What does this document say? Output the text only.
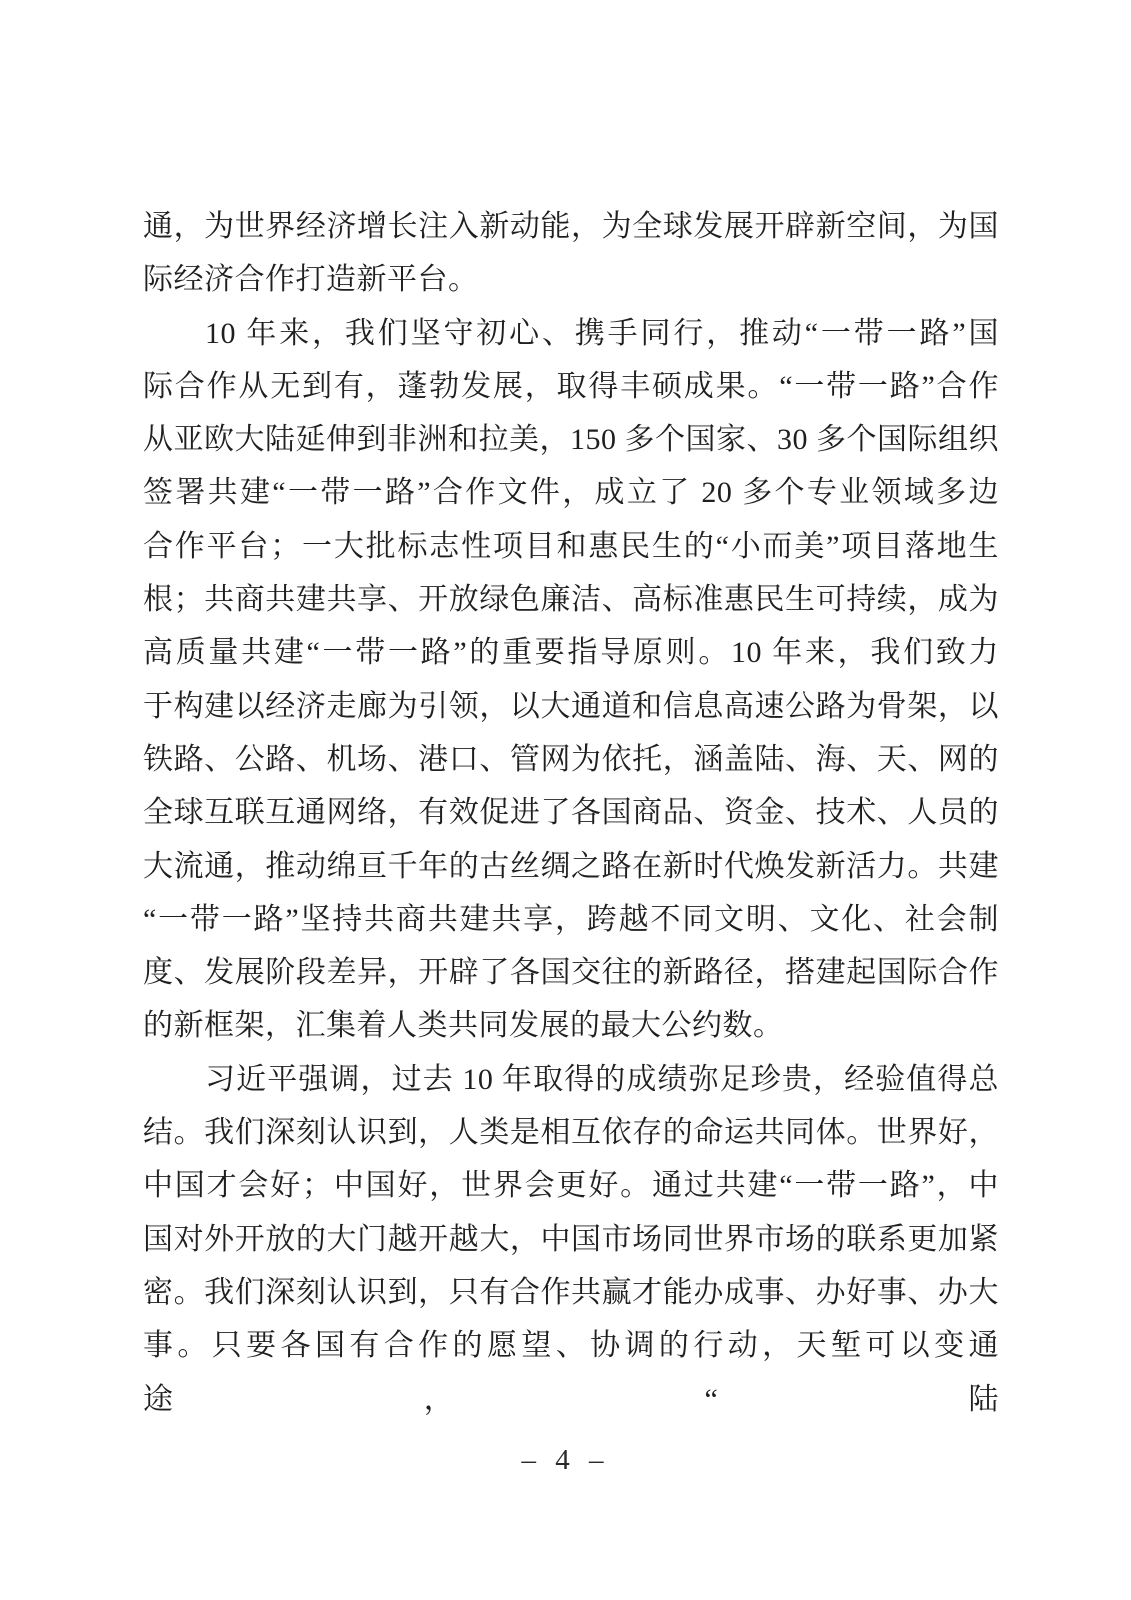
通，为世界经济增长注入新动能，为全球发展开辟新空间，为国
际经济合作打造新平台。
10 年来，我们坚守初心、携手同行，推动“一带一路”国
际合作从无到有，蓬勃发展，取得丰硕成果。“一带一路”合作
从亚欧大陆延伸到非洲和拉美，150 多个国家、30 多个国际组织
签署共建“一带一路”合作文件，成立了 20 多个专业领域多边
合作平台；一大批标志性项目和惠民生的“小而美”项目落地生
根；共商共建共享、开放绿色廉洁、高标准惠民生可持续，成为
高质量共建“一带一路”的重要指导原则。10 年来，我们致力
于构建以经济走廊为引领，以大通道和信息高速公路为骨架，以
铁路、公路、机场、港口、管网为依托，涵盖陆、海、天、网的
全球互联互通网络，有效促进了各国商品、资金、技术、人员的
大流通，推动绵亘千年的古丝绸之路在新时代焕发新活力。共建
“一带一路”坚持共商共建共享，跨越不同文明、文化、社会制
度、发展阶段差异，开辟了各国交往的新路径，搭建起国际合作
的新框架，汇集着人类共同发展的最大公约数。
习近平强调，过去 10 年取得的成绩弥足珍贵，经验值得总
结。我们深刻认识到，人类是相互依存的命运共同体。世界好，
中国才会好；中国好，世界会更好。通过共建“一带一路”，中
国对外开放的大门越开越大，中国市场同世界市场的联系更加紧
密。我们深刻认识到，只有合作共赢才能办成事、办好事、办大
事。只要各国有合作的愿望、协调的行动，天堑可以变通途，“陆
– 4 –
